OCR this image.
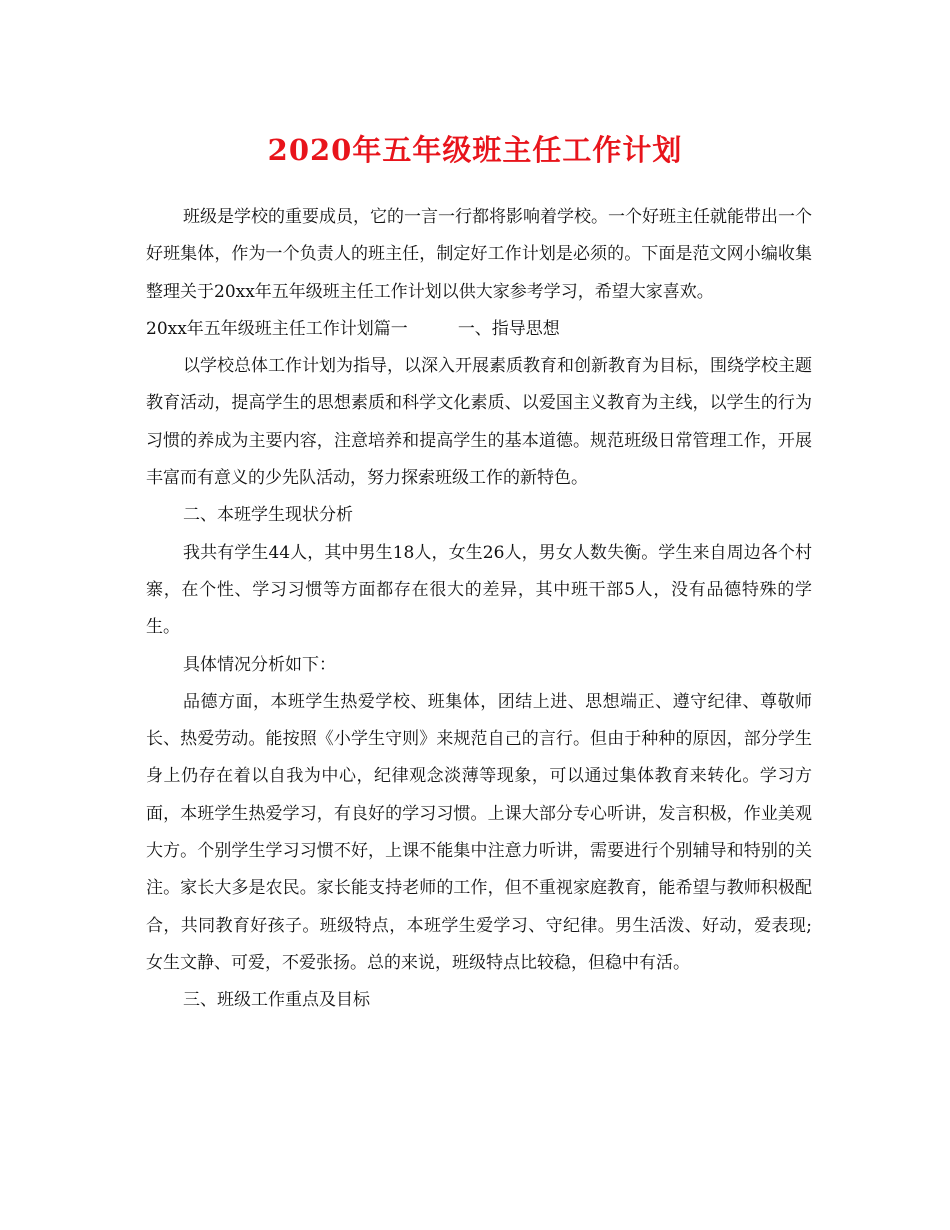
2020年五年级班主任工作计划

班级是学校的重要成员，它的一言一行都将影响着学校。一个好班主任就能带出一个好班集体，作为一个负责人的班主任，制定好工作计划是必须的。下面是范文网小编收集整理关于20xx年五年级班主任工作计划以供大家参考学习，希望大家喜欢。

20xx年五年级班主任工作计划篇一	一、指导思想

以学校总体工作计划为指导，以深入开展素质教育和创新教育为目标，围绕学校主题教育活动，提高学生的思想素质和科学文化素质、以爱国主义教育为主线，以学生的行为习惯的养成为主要内容，注意培养和提高学生的基本道德。规范班级日常管理工作，开展丰富而有意义的少先队活动，努力探索班级工作的新特色。

二、本班学生现状分析

我共有学生44人，其中男生18人，女生26人，男女人数失衡。学生来自周边各个村寨，在个性、学习习惯等方面都存在很大的差异，其中班干部5人，没有品德特殊的学生。

具体情况分析如下：

品德方面，本班学生热爱学校、班集体，团结上进、思想端正、遵守纪律、尊敬师长、热爱劳动。能按照《小学生守则》来规范自己的言行。但由于种种的原因，部分学生身上仍存在着以自我为中心，纪律观念淡薄等现象，可以通过集体教育来转化。学习方面，本班学生热爱学习，有良好的学习习惯。上课大部分专心听讲，发言积极，作业美观大方。个别学生学习习惯不好，上课不能集中注意力听讲，需要进行个别辅导和特别的关注。家长大多是农民。家长能支持老师的工作，但不重视家庭教育，能希望与教师积极配合，共同教育好孩子。班级特点，本班学生爱学习、守纪律。男生活泼、好动，爱表现;女生文静、可爱，不爱张扬。总的来说，班级特点比较稳，但稳中有活。

三、班级工作重点及目标
